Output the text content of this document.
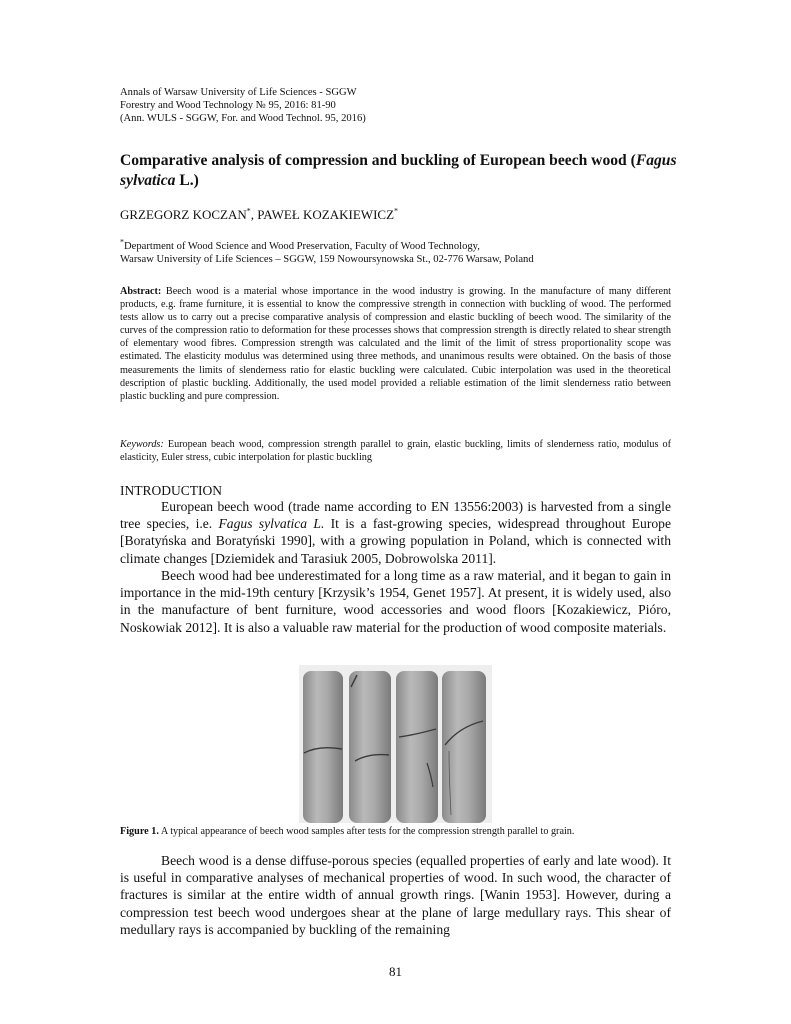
Annals of Warsaw University of Life Sciences - SGGW
Forestry and Wood Technology № 95, 2016: 81-90
(Ann. WULS - SGGW, For. and Wood Technol. 95, 2016)
Comparative analysis of compression and buckling of European beech wood (Fagus sylvatica L.)
GRZEGORZ KOCZAN*, PAWEŁ KOZAKIEWICZ*
*Department of Wood Science and Wood Preservation, Faculty of Wood Technology,
Warsaw University of Life Sciences – SGGW, 159 Nowoursynowska St., 02-776 Warsaw, Poland
Abstract: Beech wood is a material whose importance in the wood industry is growing. In the manufacture of many different products, e.g. frame furniture, it is essential to know the compressive strength in connection with buckling of wood. The performed tests allow us to carry out a precise comparative analysis of compression and elastic buckling of beech wood. The similarity of the curves of the compression ratio to deformation for these processes shows that compression strength is directly related to shear strength of elementary wood fibres. Compression strength was calculated and the limit of the limit of stress proportionality scope was estimated. The elasticity modulus was determined using three methods, and unanimous results were obtained. On the basis of those measurements the limits of slenderness ratio for elastic buckling were calculated. Cubic interpolation was used in the theoretical description of plastic buckling. Additionally, the used model provided a reliable estimation of the limit slenderness ratio between plastic buckling and pure compression.
Keywords: European beach wood, compression strength parallel to grain, elastic buckling, limits of slenderness ratio, modulus of elasticity, Euler stress, cubic interpolation for plastic buckling
INTRODUCTION
European beech wood (trade name according to EN 13556:2003) is harvested from a single tree species, i.e. Fagus sylvatica L. It is a fast-growing species, widespread throughout Europe [Boratyńska and Boratyński 1990], with a growing population in Poland, which is connected with climate changes [Dziemidek and Tarasiuk 2005, Dobrowolska 2011].
Beech wood had bee underestimated for a long time as a raw material, and it began to gain in importance in the mid-19th century [Krzysik’s 1954, Genet 1957]. At present, it is widely used, also in the manufacture of bent furniture, wood accessories and wood floors [Kozakiewicz, Pióro, Noskowiak 2012]. It is also a valuable raw material for the production of wood composite materials.
Figure 1. A typical appearance of beech wood samples after tests for the compression strength parallel to grain.
Beech wood is a dense diffuse-porous species (equalled properties of early and late wood). It is useful in comparative analyses of mechanical properties of wood. In such wood, the character of fractures is similar at the entire width of annual growth rings. [Wanin 1953]. However, during a compression test beech wood undergoes shear at the plane of large medullary rays. This shear of medullary rays is accompanied by buckling of the remaining
81
